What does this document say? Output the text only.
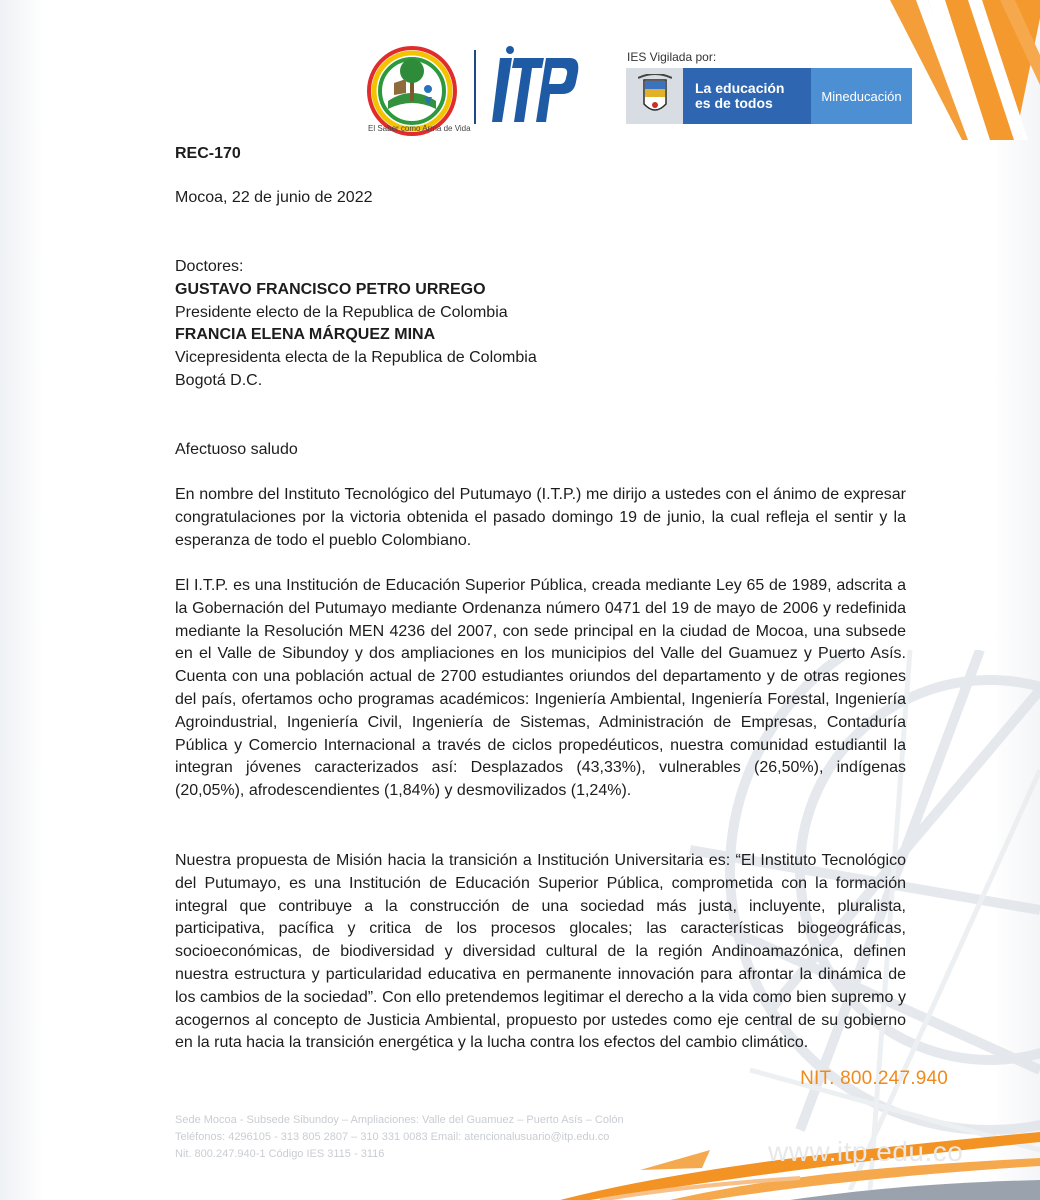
El Saber como Arma de Vida
IES Vigilada por:
La educación
es de todos	Mineducación
REC-170
Mocoa, 22 de junio de 2022
Doctores:
GUSTAVO FRANCISCO PETRO URREGO
Presidente electo de la Republica de Colombia
FRANCIA ELENA MÁRQUEZ MINA
Vicepresidenta electa de la Republica de Colombia
Bogotá D.C.
Afectuoso saludo
En nombre del Instituto Tecnológico del Putumayo (I.T.P.) me dirijo a ustedes con el ánimo de expresar congratulaciones por la victoria obtenida el pasado domingo 19 de junio, la cual refleja el sentir y la esperanza de todo el pueblo Colombiano.
El I.T.P. es una Institución de Educación Superior Pública, creada mediante Ley 65 de 1989, adscrita a la Gobernación del Putumayo mediante Ordenanza número 0471 del 19 de mayo de 2006 y redefinida mediante la Resolución MEN 4236 del 2007, con sede principal en la ciudad de Mocoa, una subsede en el Valle de Sibundoy y dos ampliaciones en los municipios del Valle del Guamuez y Puerto Asís. Cuenta con una población actual de 2700 estudiantes oriundos del departamento y de otras regiones del país, ofertamos ocho programas académicos: Ingeniería Ambiental, Ingeniería Forestal, Ingeniería Agroindustrial, Ingeniería Civil, Ingeniería de Sistemas, Administración de Empresas, Contaduría Pública y Comercio Internacional a través de ciclos propedéuticos, nuestra comunidad estudiantil la integran jóvenes caracterizados así: Desplazados (43,33%), vulnerables (26,50%), indígenas (20,05%), afrodescendientes (1,84%) y desmovilizados (1,24%).
Nuestra propuesta de Misión hacia la transición a Institución Universitaria es: “El Instituto Tecnológico del Putumayo, es una Institución de Educación Superior Pública, comprometida con la formación integral que contribuye a la construcción de una sociedad más justa, incluyente, pluralista, participativa, pacífica y critica de los procesos glocales; las características biogeográficas, socioeconómicas, de biodiversidad y diversidad cultural de la región Andinoamazónica, definen nuestra estructura y particularidad educativa en permanente innovación para afrontar la dinámica de los cambios de la sociedad”. Con ello pretendemos legitimar el derecho a la vida como bien supremo y acogernos al concepto de Justicia Ambiental, propuesto por ustedes como eje central de su gobierno en la ruta hacia la transición energética y la lucha contra los efectos del cambio climático.
NIT. 800.247.940
Sede Mocoa - Subsede Sibundoy – Ampliaciones: Valle del Guamuez – Puerto Asís – Colón
Teléfonos: 4296105 - 313 805 2807 – 310 331 0083 Email: atencionalusuario@itp.edu.co
Nit. 800.247.940-1 Código IES 3115 - 3116	www.itp.edu.co
